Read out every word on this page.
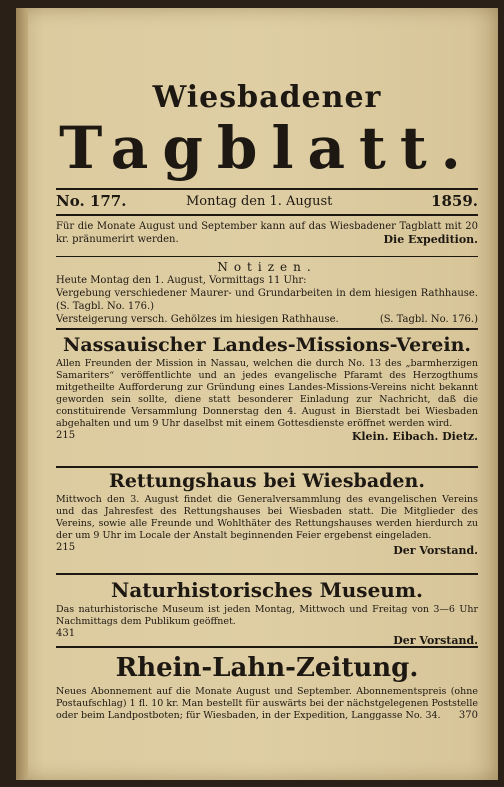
Wiesbadener
Tagblatt.
No. 177.	Montag den 1. August	1859.
Für die Monate August und September kann auf das Wiesbadener Tagblatt mit 20 kr. pränumerirt werden.	Die Expedition.
Notizen.
Heute Montag den 1. August, Vormittags 11 Uhr:
Vergebung verschiedener Maurer- und Grundarbeiten in dem hiesigen Rathhause. (S. Tagbl. No. 176.)
Versteigerung versch. Gehölzes im hiesigen Rathhause.	(S. Tagbl. No. 176.)
Nassauischer Landes-Missions-Verein.
Allen Freunden der Mission in Nassau, welchen die durch No. 13 des „barmherzigen Samariters“ veröffentlichte und an jedes evangelische Pfaramt des Herzogthums mitgetheilte Aufforderung zur Gründung eines Landes-Missions-Vereins nicht bekannt geworden sein sollte, diene statt besonderer Einladung zur Nachricht, daß die constituirende Versammlung Donnerstag den 4. August in Bierstadt bei Wiesbaden abgehalten und um 9 Uhr daselbst mit einem Gottesdienste eröffnet werden wird.
215	Klein. Eibach. Dietz.
Rettungshaus bei Wiesbaden.
Mittwoch den 3. August findet die Generalversammlung des evangelischen Vereins und das Jahresfest des Rettungshauses bei Wiesbaden statt. Die Mitglieder des Vereins, sowie alle Freunde und Wohlthäter des Rettungshauses werden hierdurch zu der um 9 Uhr im Locale der Anstalt beginnenden Feier ergebenst eingeladen.
215	Der Vorstand.
Naturhistorisches Museum.
Das naturhistorische Museum ist jeden Montag, Mittwoch und Freitag von 3—6 Uhr Nachmittags dem Publikum geöffnet.
431
Der Vorstand.
Rhein-Lahn-Zeitung.
Neues Abonnement auf die Monate August und September. Abonnementspreis (ohne Postaufschlag) 1 fl. 10 kr. Man bestellt für auswärts bei der nächstgelegenen Poststelle oder beim Landpostboten; für Wiesbaden, in der Expedition, Langgasse No. 34.	370
